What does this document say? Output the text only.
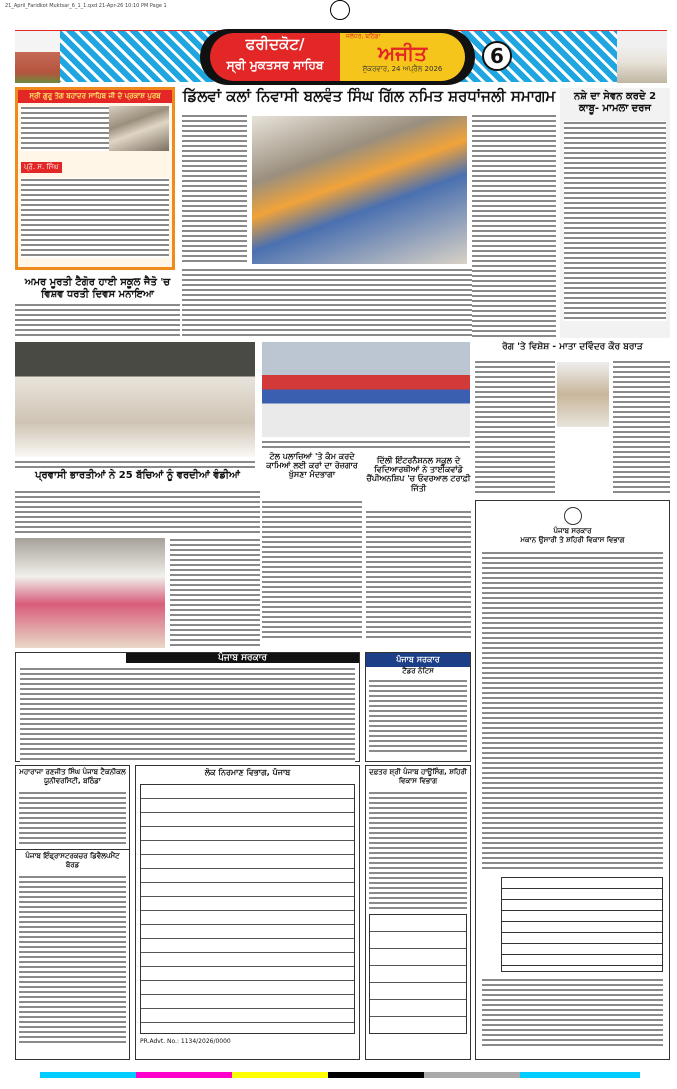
21_April_Faridkot Muktsar_6_1_1.qxd 21-Apr-26 10:10 PM Page 1
ਫਰੀਦਕੋਟ/
ਸ੍ਰੀ ਮੁਕਤਸਰ ਸਾਹਿਬ
ਜਲੰਧਰ, ਬਠਿੰਡਾ
ਅਜੀਤ
ਸ਼ੁੱਕਰਵਾਰ, 24 ਅਪ੍ਰੈਲ 2026
6
ਸ੍ਰੀ ਗੁਰੂ ਤੇਗ ਬਹਾਦਰ ਸਾਹਿਬ ਜੀ ਦੇ ਪ੍ਰਕਾਸ਼ ਪੁਰਬ
ਪ੍ਰੋ. ਸ. ਸਿੰਘ
ਡਿੱਲਵਾਂ ਕਲਾਂ ਨਿਵਾਸੀ ਬਲਵੰਤ ਸਿੰਘ ਗਿੱਲ ਨਮਿਤ ਸ਼ਰਧਾਂਜਲੀ ਸਮਾਗਮ	ਨਸ਼ੇ ਦਾ ਸੇਵਨ ਕਰਦੇ 2 ਕਾਬੂ- ਮਾਮਲਾ ਦਰਜ
ਅਮਰ ਮੂਰਤੀ ਟੈਗੋਰ ਹਾਈ ਸਕੂਲ ਜੈਤੋ 'ਚ ਵਿਸ਼ਵ ਧਰਤੀ ਦਿਵਸ ਮਨਾਇਆ
ਰੋਗ 'ਤੇ ਵਿਸ਼ੇਸ਼ - ਮਾਤਾ ਦਵਿੰਦਰ ਕੌਰ ਬਰਾੜ
ਟੋਲ ਪਲਾਜ਼ਿਆਂ 'ਤੇ ਕੰਮ ਕਰਦੇ ਕਾਮਿਆਂ ਲਈ ਕਰਾਂ ਦਾ ਰੋਜ਼ਗਾਰ ਖੁੱਸਣਾ ਮੰਦਭਾਗਾ
ਦਿੱਲੀ ਇੰਟਰਨੈਸ਼ਨਲ ਸਕੂਲ ਦੇ ਵਿਦਿਆਰਥੀਆਂ ਨੇ ਤਾਈਕਵਾਂਡੋ ਚੈਂਪੀਅਨਸ਼ਿਪ 'ਚ ਓਵਰਆਲ ਟਰਾਫ਼ੀ ਜਿੱਤੀ
ਪ੍ਰਵਾਸੀ ਭਾਰਤੀਆਂ ਨੇ 25 ਬੱਚਿਆਂ ਨੂੰ ਵਰਦੀਆਂ ਵੰਡੀਆਂ
ਪੰਜਾਬ ਸਰਕਾਰ
ਮਕਾਨ ਉਸਾਰੀ ਤੇ ਸ਼ਹਿਰੀ ਵਿਕਾਸ ਵਿਭਾਗ
ਪੰਜਾਬ ਸਰਕਾਰ	ਪੰਜਾਬ ਸਰਕਾਰ
ਟੈਂਡਰ ਨੋਟਿਸ
ਮਹਾਰਾਜਾ ਰਣਜੀਤ ਸਿੰਘ ਪੰਜਾਬ ਟੈਕਨੀਕਲ ਯੂਨੀਵਰਸਿਟੀ, ਬਠਿੰਡਾ
ਪੰਜਾਬ ਇੰਫ੍ਰਾਸਟਰਕਚਰ ਡਿਵੈਲਪਮੈਂਟ ਬੋਰਡ
ਲੋਕ ਨਿਰਮਾਣ ਵਿਭਾਗ, ਪੰਜਾਬ
PR.Advt. No.: 1134/2026/0000
ਦਫ਼ਤਰ ਸ਼੍ਰੀ ਪੰਜਾਬ ਹਾਊਸਿੰਗ, ਸ਼ਹਿਰੀ ਵਿਕਾਸ ਵਿਭਾਗ
